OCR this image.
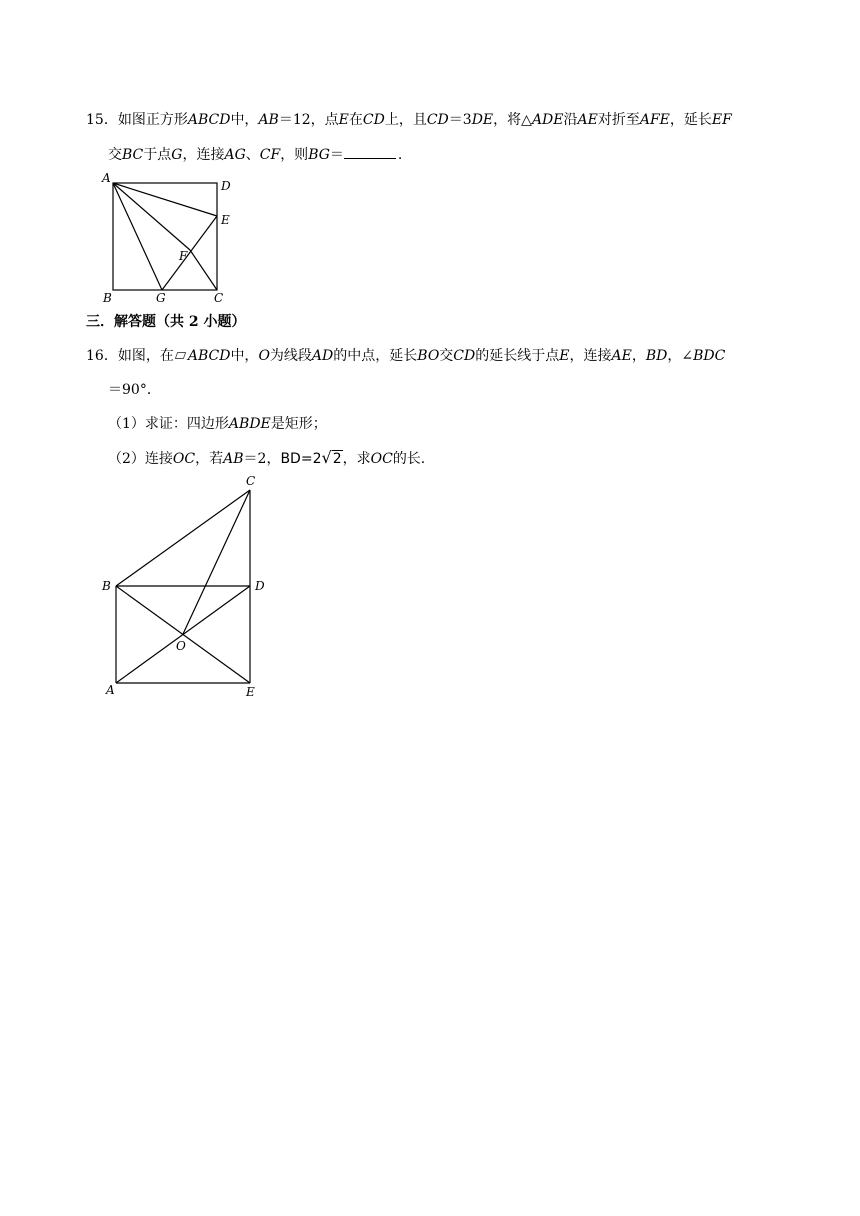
15．如图正方形ABCD中，AB＝12，点E在CD上，且CD＝3DE，将△ADE沿AE对折至AFE，延长EF
交BC于点G，连接AG、CF，则BG＝	.
A
D
E
F
B	G	C
三．解答题（共 2 小题）
16．如图，在 ABCD中，O为线段AD的中点，延长BO交CD的延长线于点E，连接AE，BD，∠BDC
＝90°．
（1）求证：四边形ABDE是矩形；
（2）连接OC，若AB＝2，BD=2√2，求OC的长.
C
B	D
O
A	E
